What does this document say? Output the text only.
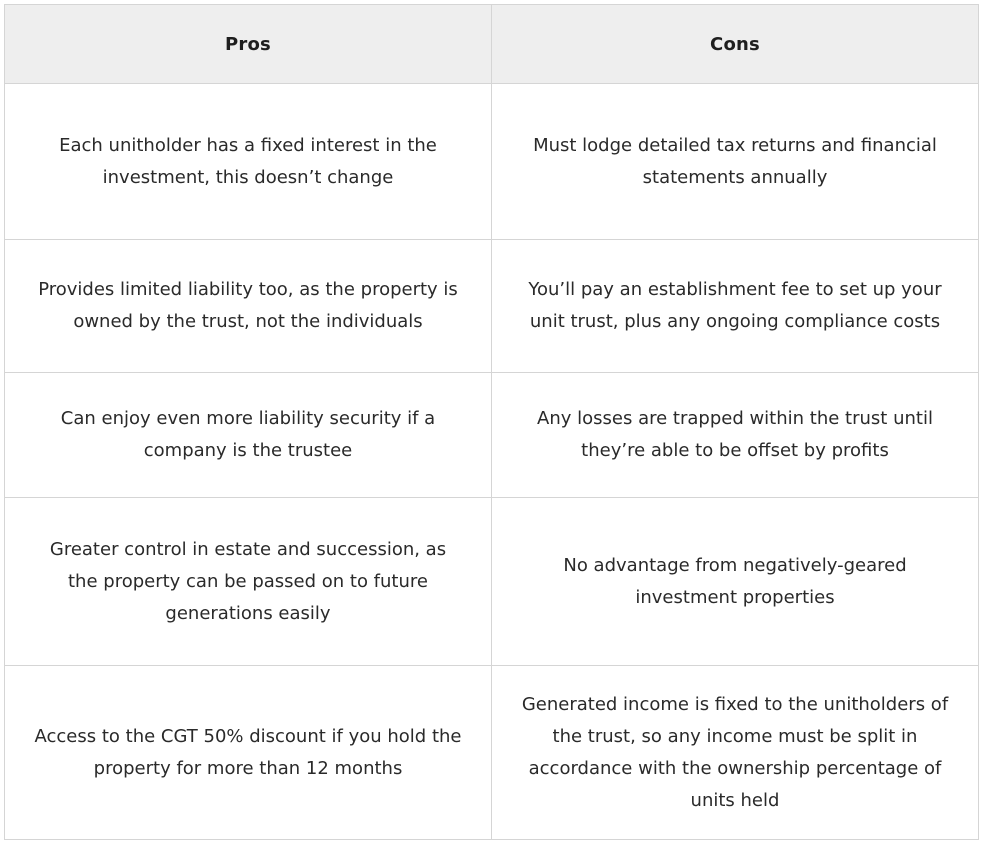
Pros	Cons
Each unitholder has a fixed interest in the investment, this doesn’t change	Must lodge detailed tax returns and financial statements annually
Provides limited liability too, as the property is owned by the trust, not the individuals	You’ll pay an establishment fee to set up your unit trust, plus any ongoing compliance costs
Can enjoy even more liability security if a company is the trustee	Any losses are trapped within the trust until they’re able to be offset by profits
Greater control in estate and succession, as the property can be passed on to future generations easily	No advantage from negatively-geared investment properties
Access to the CGT 50% discount if you hold the property for more than 12 months	Generated income is fixed to the unitholders of the trust, so any income must be split in accordance with the ownership percentage of units held
